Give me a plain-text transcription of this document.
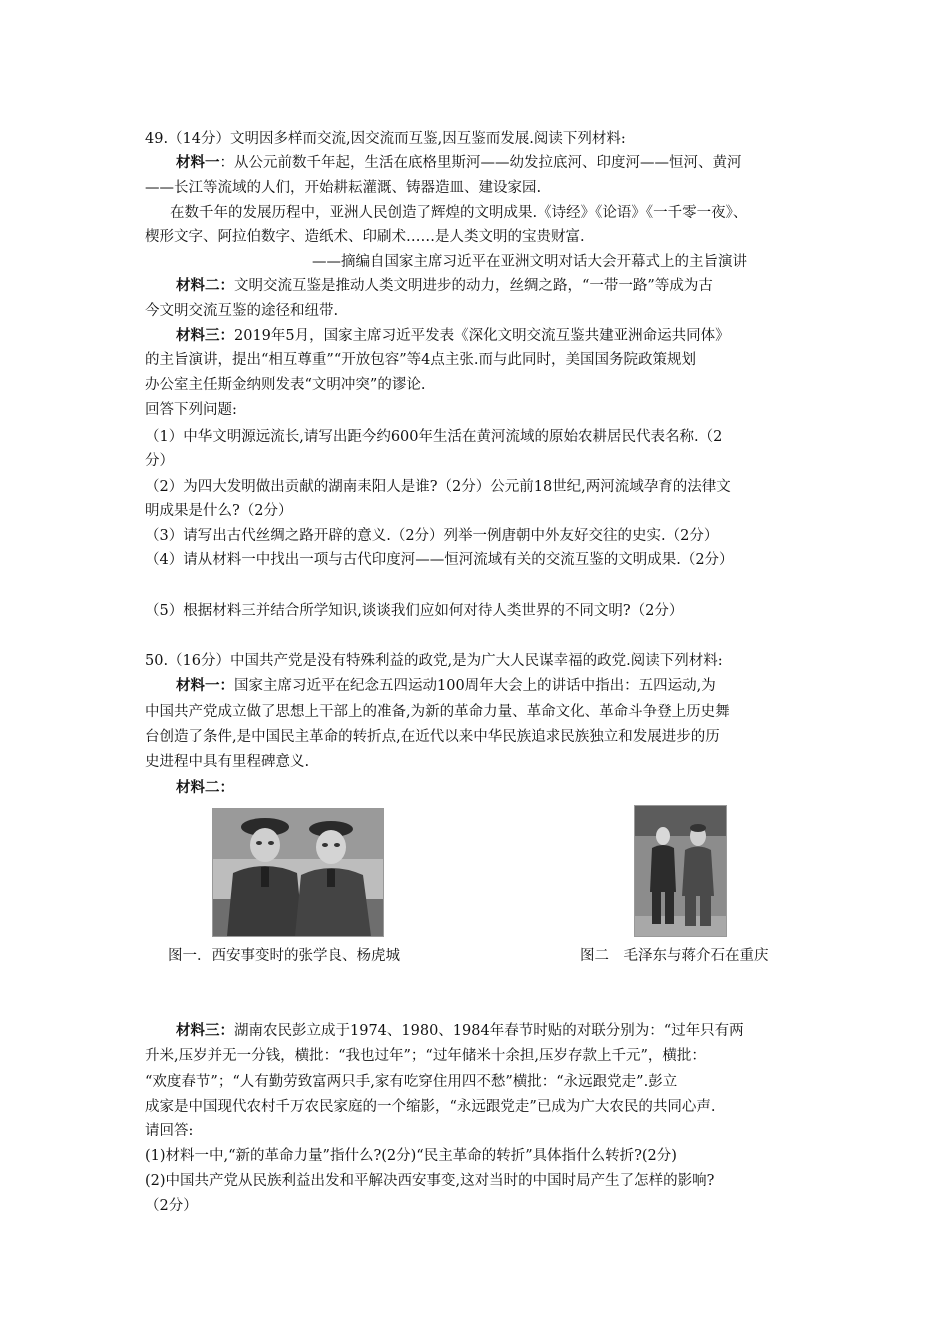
49.（14分）文明因多样而交流,因交流而互鉴,因互鉴而发展.阅读下列材料:
材料一：从公元前数千年起，生活在底格里斯河——幼发拉底河、印度河——恒河、黄河
——长江等流域的人们，开始耕耘灌溉、铸器造皿、建设家园.
在数千年的发展历程中，亚洲人民创造了辉煌的文明成果.《诗经》《论语》《一千零一夜》、
楔形文字、阿拉伯数字、造纸术、印刷术……是人类文明的宝贵财富.
——摘编自国家主席习近平在亚洲文明对话大会开幕式上的主旨演讲
材料二：文明交流互鉴是推动人类文明进步的动力，丝绸之路，“一带一路”等成为古
今文明交流互鉴的途径和纽带.
材料三：2019年5月，国家主席习近平发表《深化文明交流互鉴共建亚洲命运共同体》
的主旨演讲，提出“相互尊重”“开放包容”等4点主张.而与此同时，美国国务院政策规划
办公室主任斯金纳则发表“文明冲突”的谬论.
回答下列问题:
（1）中华文明源远流长,请写出距今约600年生活在黄河流域的原始农耕居民代表名称.（2
分）
（2）为四大发明做出贡献的湖南耒阳人是谁?（2分）公元前18世纪,两河流域孕育的法律文
明成果是什么?（2分）
（3）请写出古代丝绸之路开辟的意义.（2分）列举一例唐朝中外友好交往的史实.（2分）
（4）请从材料一中找出一项与古代印度河——恒河流域有关的交流互鉴的文明成果.（2分）
（5）根据材料三并结合所学知识,谈谈我们应如何对待人类世界的不同文明?（2分）
50.（16分）中国共产党是没有特殊利益的政党,是为广大人民谋幸福的政党.阅读下列材料:
材料一：国家主席习近平在纪念五四运动100周年大会上的讲话中指出：五四运动,为
中国共产党成立做了思想上干部上的准备,为新的革命力量、革命文化、革命斗争登上历史舞
台创造了条件,是中国民主革命的转折点,在近代以来中华民族追求民族独立和发展进步的历
史进程中具有里程碑意义.
材料二：
图一．西安事变时的张学良、杨虎城	图二　毛泽东与蒋介石在重庆
材料三：湖南农民彭立成于1974、1980、1984年春节时贴的对联分别为：“过年只有两
升米,压岁并无一分钱，横批：“我也过年”；“过年储米十余担,压岁存款上千元”，横批：
“欢度春节”；“人有勤劳致富两只手,家有吃穿住用四不愁”横批：“永远跟党走”.彭立
成家是中国现代农村千万农民家庭的一个缩影，“永远跟党走”已成为广大农民的共同心声.
请回答:
(1)材料一中,“新的革命力量”指什么?(2分)“民主革命的转折”具体指什么转折?(2分)
(2)中国共产党从民族利益出发和平解决西安事变,这对当时的中国时局产生了怎样的影响?
（2分）
